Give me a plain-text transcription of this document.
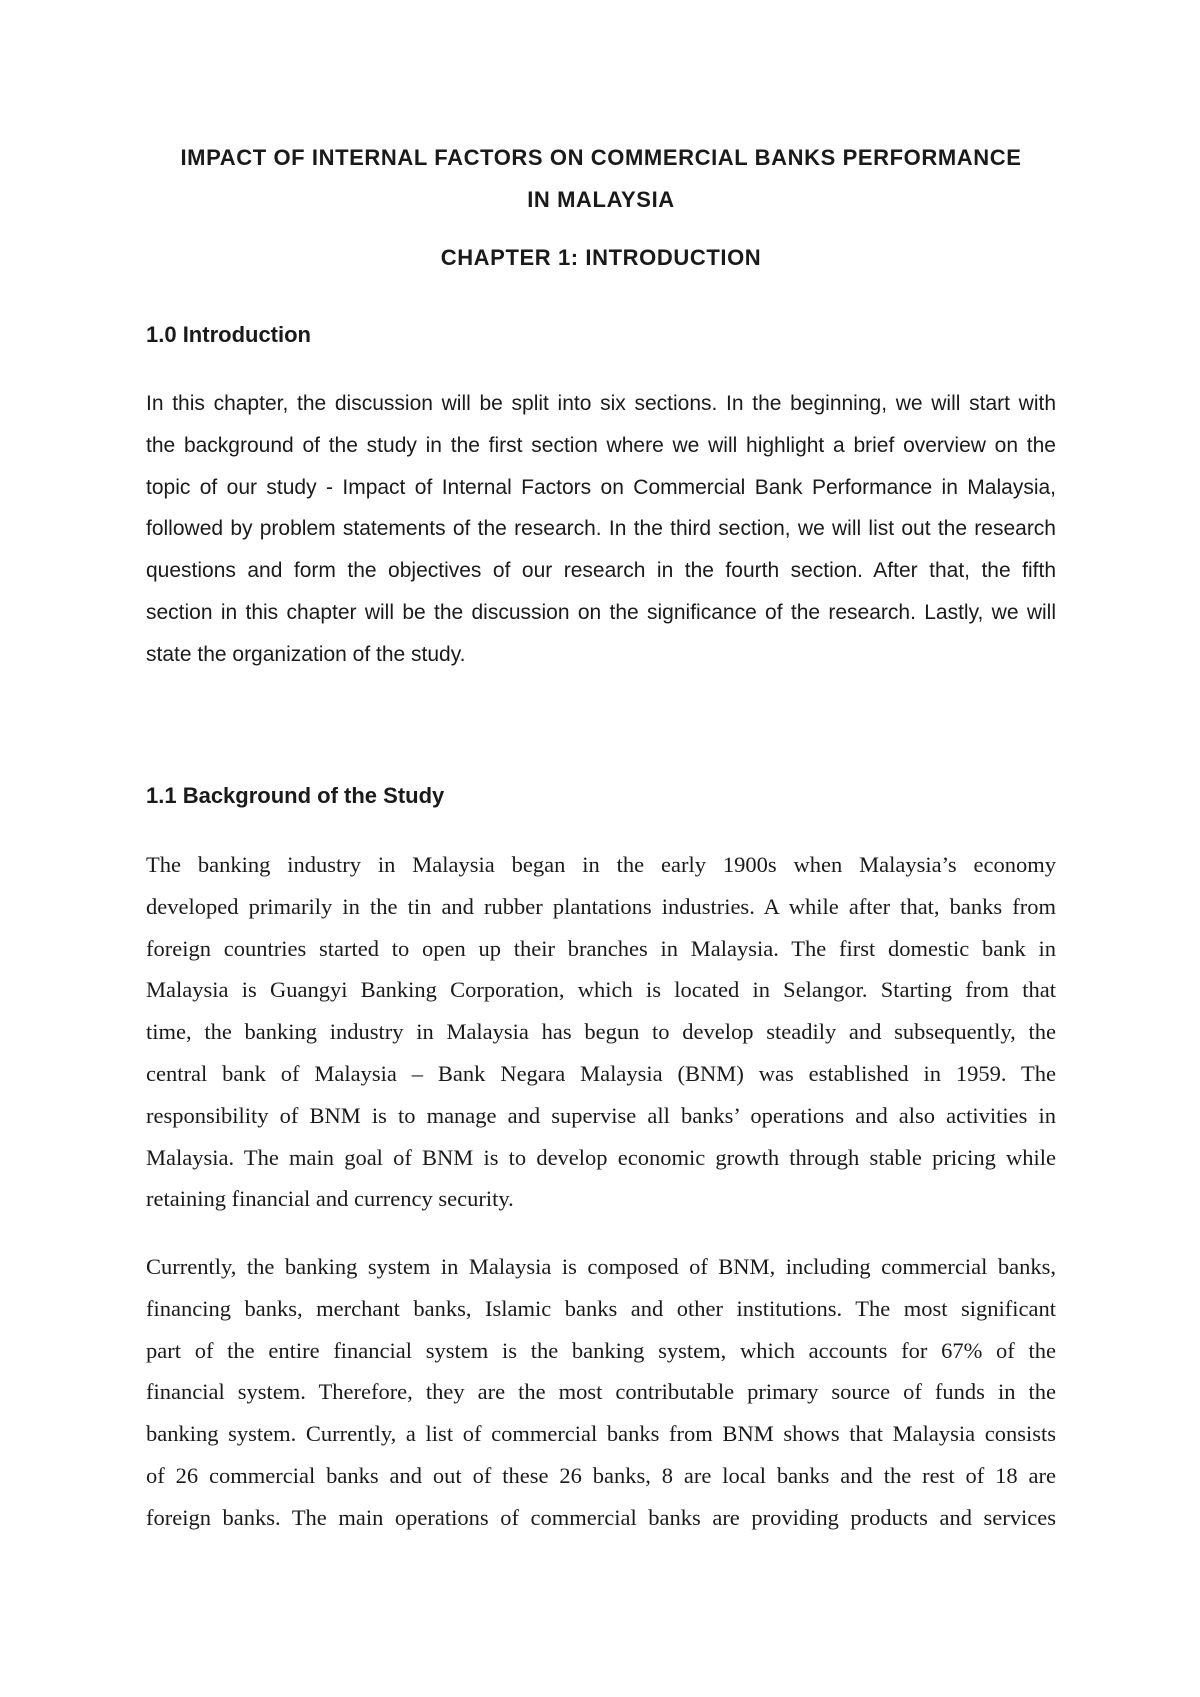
IMPACT OF INTERNAL FACTORS ON COMMERCIAL BANKS PERFORMANCE
IN MALAYSIA
CHAPTER 1: INTRODUCTION
1.0 Introduction
In this chapter, the discussion will be split into six sections. In the beginning, we will start with
the background of the study in the first section where we will highlight a brief overview on the
topic of our study - Impact of Internal Factors on Commercial Bank Performance in Malaysia,
followed by problem statements of the research. In the third section, we will list out the research
questions and form the objectives of our research in the fourth section. After that, the fifth
section in this chapter will be the discussion on the significance of the research. Lastly, we will
state the organization of the study.
1.1 Background of the Study
The banking industry in Malaysia began in the early 1900s when Malaysia’s economy
developed primarily in the tin and rubber plantations industries. A while after that, banks from
foreign countries started to open up their branches in Malaysia. The first domestic bank in
Malaysia is Guangyi Banking Corporation, which is located in Selangor. Starting from that
time, the banking industry in Malaysia has begun to develop steadily and subsequently, the
central bank of Malaysia – Bank Negara Malaysia (BNM) was established in 1959. The
responsibility of BNM is to manage and supervise all banks’ operations and also activities in
Malaysia. The main goal of BNM is to develop economic growth through stable pricing while
retaining financial and currency security.
Currently, the banking system in Malaysia is composed of BNM, including commercial banks,
financing banks, merchant banks, Islamic banks and other institutions. The most significant
part of the entire financial system is the banking system, which accounts for 67% of the
financial system. Therefore, they are the most contributable primary source of funds in the
banking system. Currently, a list of commercial banks from BNM shows that Malaysia consists
of 26 commercial banks and out of these 26 banks, 8 are local banks and the rest of 18 are
foreign banks. The main operations of commercial banks are providing products and services
